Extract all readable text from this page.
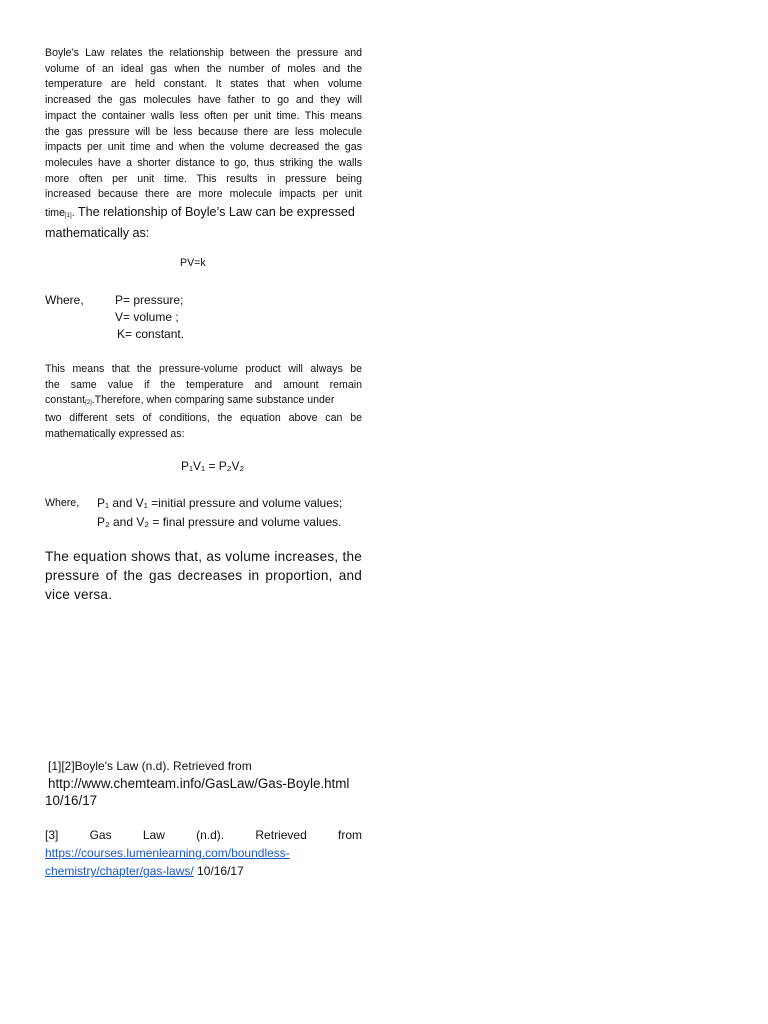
Boyle’s Law relates the relationship between the pressure and
volume of an ideal gas when the number of moles and the
temperature are held constant. It states that when volume
increased the gas molecules have father to go and they will
impact the container walls less often per unit time. This means
the gas pressure will be less because there are less molecule
impacts per unit time and when the volume decreased the gas
molecules have a shorter distance to go, thus striking the walls
more often per unit time. This results in pressure being
increased because there are more molecule impacts per unit
time[1]. The relationship of Boyle’s Law can be expressed
mathematically as:
PV=k
Where,	P= pressure;
V= volume ;
K= constant.
This means that the pressure-volume product will always be
the same value if the temperature and amount remain
constant[2].Therefore, when comparing same substance under
two different sets of conditions, the equation above can be
mathematically expressed as:
P₁V₁ = P₂V₂
Where, P₁ and V₁ =initial pressure and volume values;
P₂ and V₂ = final pressure and volume values.
The equation shows that, as volume increases, the pressure of the gas decreases in proportion, and vice versa.
[1][2]Boyle's Law (n.d). Retrieved from
http://www.chemteam.info/GasLaw/Gas-Boyle.html
10/16/17
[3]	Gas	Law	(n.d).	Retrieved	from
https://courses.lumenlearning.com/boundless-
chemistry/chapter/gas-laws/ 10/16/17
